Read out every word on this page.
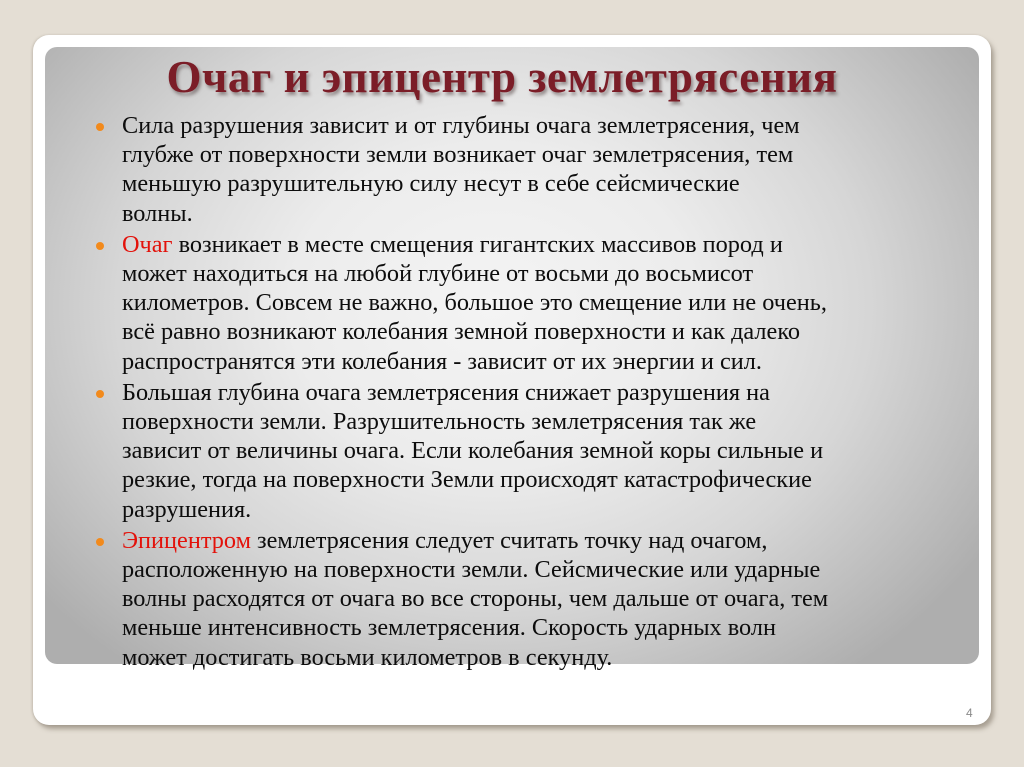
Очаг и эпицентр землетрясения
Сила разрушения зависит и от глубины очага землетрясения, чем
глубже от поверхности земли возникает очаг землетрясения, тем
меньшую разрушительную силу несут в себе сейсмические
волны.
Очаг возникает в месте смещения гигантских массивов пород и
может находиться на любой глубине от восьми до восьмисот
километров. Совсем не важно, большое это смещение или не очень,
всё равно возникают колебания земной поверхности и как далеко
распространятся эти колебания - зависит от их энергии и сил.
Большая глубина очага землетрясения снижает разрушения на
поверхности земли. Разрушительность землетрясения так же
зависит от величины очага. Если колебания земной коры сильные и
резкие, тогда на поверхности Земли происходят катастрофические
разрушения.
Эпицентром землетрясения следует считать точку над очагом,
расположенную на поверхности земли. Сейсмические или ударные
волны расходятся от очага во все стороны, чем дальше от очага, тем
меньше интенсивность землетрясения. Скорость ударных волн
может достигать восьми километров в секунду.
4
